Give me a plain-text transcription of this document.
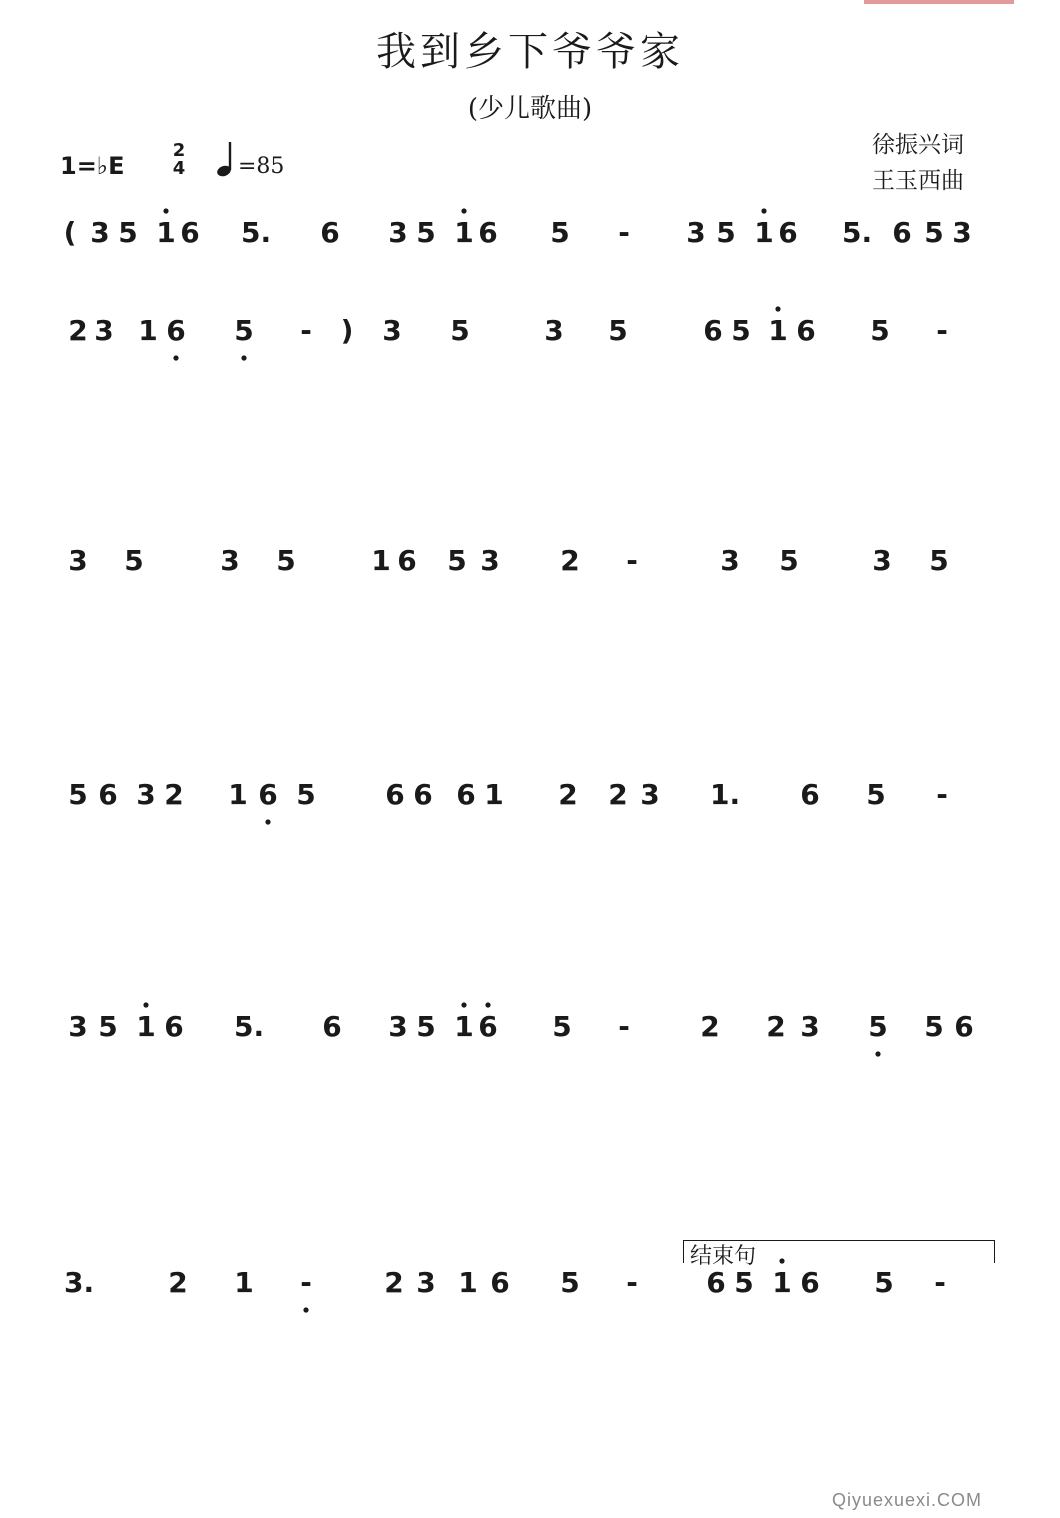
我到乡下爷爷家
(少儿歌曲)
徐振兴词
王玉西曲
1=♭E
2
4 =85
( 3 5 1 6 5. 6 3 5 1 6 5 - 3 5 1 6 5. 6 5 3
2 3 1 6 5 - ) 3 5	3 5	6 5 1 6 5 -
3 5	3 5	1 6 5 3 2 -	3 5	3 5
5 6 3 2 1 6 5 6 6 6 1 2 2 3 1. 6 5 -
3 5 1 6 5. 6 3 5 1 6 5 -	2 2 3 5 5 6
3.	2 1 -	2 3 1 6 5 - 6 5 1 6 5 -
结束句
Qiyuexuexi.COM
